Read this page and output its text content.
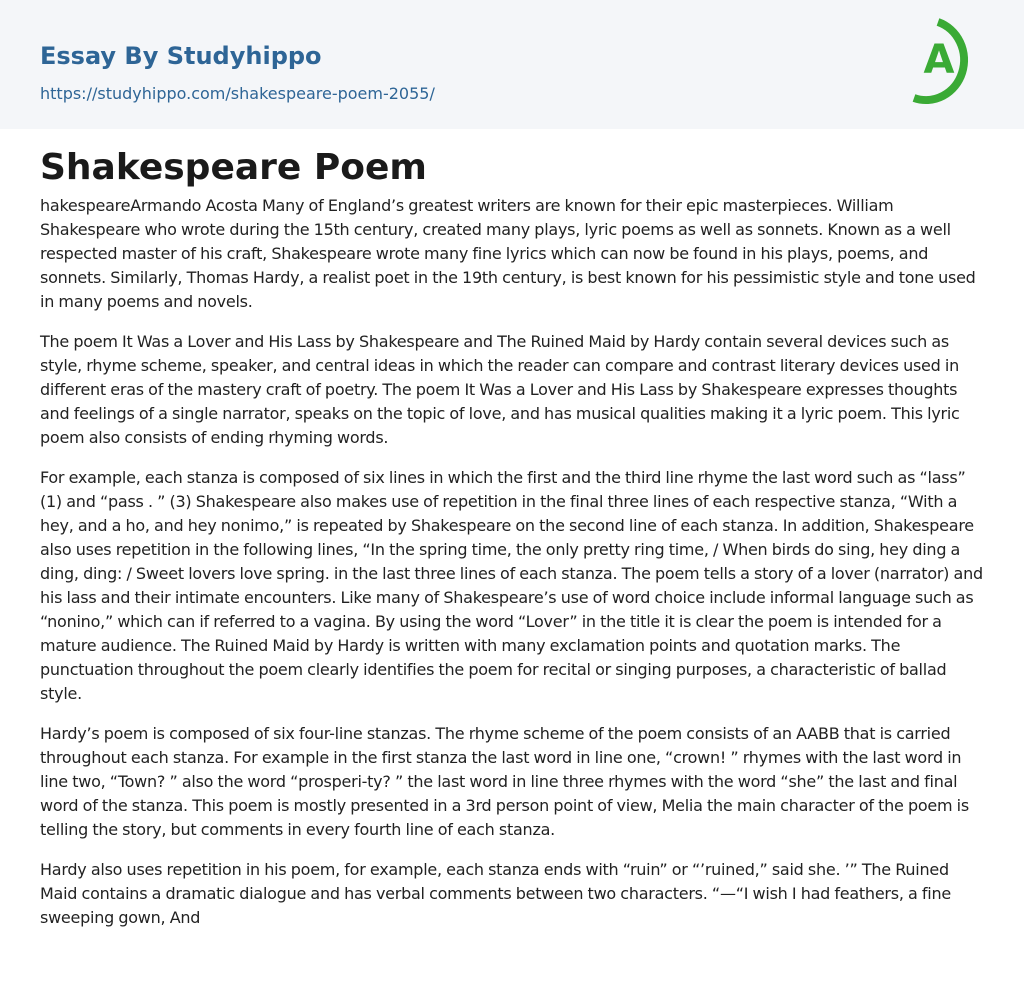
Essay By Studyhippo
https://studyhippo.com/shakespeare-poem-2055/
A
Shakespeare Poem

hakespeareArmando Acosta Many of England’s greatest writers are known for their epic masterpieces. William Shakespeare who wrote during the 15th century, created many plays, lyric poems as well as sonnets. Known as a well respected master of his craft, Shakespeare wrote many fine lyrics which can now be found in his plays, poems, and sonnets. Similarly, Thomas Hardy, a realist poet in the 19th century, is best known for his pessimistic style and tone used in many poems and novels.

The poem It Was a Lover and His Lass by Shakespeare and The Ruined Maid by Hardy contain several devices such as style, rhyme scheme, speaker, and central ideas in which the reader can compare and contrast literary devices used in different eras of the mastery craft of poetry. The poem It Was a Lover and His Lass by Shakespeare expresses thoughts and feelings of a single narrator, speaks on the topic of love, and has musical qualities making it a lyric poem. This lyric poem also consists of ending rhyming words.

For example, each stanza is composed of six lines in which the first and the third line rhyme the last word such as “lass” (1) and “pass . ” (3) Shakespeare also makes use of repetition in the final three lines of each respective stanza, “With a hey, and a ho, and hey nonimo,” is repeated by Shakespeare on the second line of each stanza. In addition, Shakespeare also uses repetition in the following lines, “In the spring time, the only pretty ring time, / When birds do sing, hey ding a ding, ding: / Sweet lovers love spring. in the last three lines of each stanza. The poem tells a story of a lover (narrator) and his lass and their intimate encounters. Like many of Shakespeare’s use of word choice include informal language such as “nonino,” which can if referred to a vagina. By using the word “Lover” in the title it is clear the poem is intended for a mature audience. The Ruined Maid by Hardy is written with many exclamation points and quotation marks. The punctuation throughout the poem clearly identifies the poem for recital or singing purposes, a characteristic of ballad style.

Hardy’s poem is composed of six four-line stanzas. The rhyme scheme of the poem consists of an AABB that is carried throughout each stanza. For example in the first stanza the last word in line one, “crown! ” rhymes with the last word in line two, “Town? ” also the word “prosperi-ty? ” the last word in line three rhymes with the word “she” the last and final word of the stanza. This poem is mostly presented in a 3rd person point of view, Melia the main character of the poem is telling the story, but comments in every fourth line of each stanza.

Hardy also uses repetition in his poem, for example, each stanza ends with “ruin” or “’ruined,” said she. ’” The Ruined Maid contains a dramatic dialogue and has verbal comments between two characters. “—“I wish I had feathers, a fine sweeping gown, And
